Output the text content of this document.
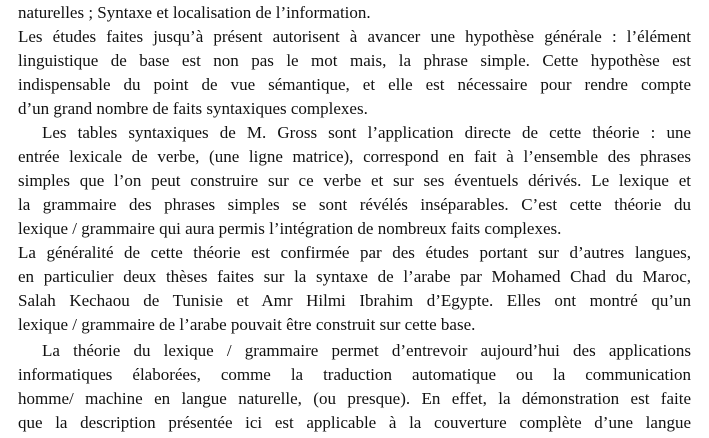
naturelles ; Syntaxe et localisation de l’information.
Les études faites jusqu’à présent autorisent à avancer une hypothèse générale : l’élément
linguistique de base est non pas le mot mais, la phrase simple. Cette hypothèse est
indispensable du point de vue sémantique, et elle est nécessaire pour rendre compte
d’un grand nombre de faits syntaxiques complexes.
Les tables syntaxiques de M. Gross sont l’application directe de cette théorie : une
entrée lexicale de verbe, (une ligne matrice), correspond en fait à l’ensemble des phrases
simples que l’on peut construire sur ce verbe et sur ses éventuels dérivés. Le lexique et
la grammaire des phrases simples se sont révélés inséparables. C’est cette théorie du
lexique / grammaire qui aura permis l’intégration de nombreux faits complexes.
La généralité de cette théorie est confirmée par des études portant sur d’autres langues,
en particulier deux thèses faites sur la syntaxe de l’arabe par Mohamed Chad du Maroc,
Salah Kechaou de Tunisie et Amr Hilmi Ibrahim d’Egypte. Elles ont montré qu’un
lexique / grammaire de l’arabe pouvait être construit sur cette base.
La théorie du lexique / grammaire permet d’entrevoir aujourd’hui des applications
informatiques élaborées, comme la traduction automatique ou la communication
homme/ machine en langue naturelle, (ou presque). En effet, la démonstration est faite
que la description présentée ici est applicable à la couverture complète d’une langue
